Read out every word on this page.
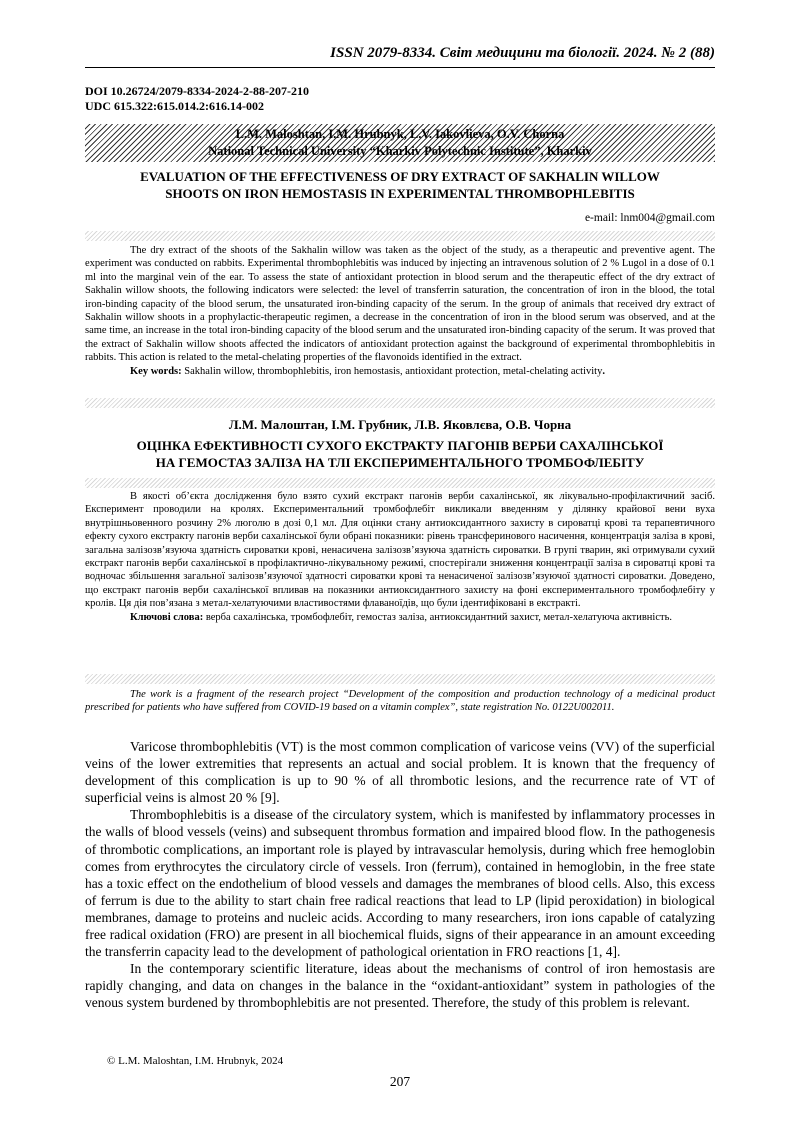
ISSN 2079-8334. Світ медицини та біології. 2024. № 2 (88)
DOI 10.26724/2079-8334-2024-2-88-207-210
UDC 615.322:615.014.2:616.14-002
L.M. Maloshtan, I.M. Hrubnyk, L.V. Iakovlieva, O.V. Chorna
National Technical University “Kharkiv Polytechnic Institute”, Kharkiv
EVALUATION OF THE EFFECTIVENESS OF DRY EXTRACT OF SAKHALIN WILLOW
SHOOTS ON IRON HEMOSTASIS IN EXPERIMENTAL THROMBOPHLEBITIS
e-mail: lnm004@gmail.com

The dry extract of the shoots of the Sakhalin willow was taken as the object of the study, as a therapeutic and preventive agent. The experiment was conducted on rabbits. Experimental thrombophlebitis was induced by injecting an intravenous solution of 2 % Lugol in a dose of 0.1 ml into the marginal vein of the ear. To assess the state of antioxidant protection in blood serum and the therapeutic effect of the dry extract of Sakhalin willow shoots, the following indicators were selected: the level of transferrin saturation, the concentration of iron in the blood, the total iron-binding capacity of the blood serum, the unsaturated iron-binding capacity of the serum. In the group of animals that received dry extract of Sakhalin willow shoots in a prophylactic-therapeutic regimen, a decrease in the concentration of iron in the blood serum was observed, and at the same time, an increase in the total iron-binding capacity of the blood serum and the unsaturated iron-binding capacity of the serum. It was proved that the extract of Sakhalin willow shoots affected the indicators of antioxidant protection against the background of experimental thrombophlebitis in rabbits. This action is related to the metal-chelating properties of the flavonoids identified in the extract.

Key words: Sakhalin willow, thrombophlebitis, iron hemostasis, antioxidant protection, metal-chelating activity.

Л.М. Малоштан, І.М. Грубник, Л.В. Яковлєва, О.В. Чорна
ОЦІНКА ЕФЕКТИВНОСТІ СУХОГО ЕКСТРАКТУ ПАГОНІВ ВЕРБИ САХАЛІНСЬКОЇ
НА ГЕМОСТАЗ ЗАЛІЗА НА ТЛІ ЕКСПЕРИМЕНТАЛЬНОГО ТРОМБОФЛЕБІТУ

В якості об’єкта дослідження було взято сухий екстракт пагонів верби сахалінської, як лікувально-профілактичний засіб. Експеримент проводили на кролях. Експериментальний тромбофлебіт викликали введенням у ділянку крайової вени вуха внутрішньовенного розчину 2% люголю в дозі 0,1 мл. Для оцінки стану антиоксидантного захисту в сироватці крові та терапевтичного ефекту сухого екстракту пагонів верби сахалінської були обрані показники: рівень трансферинового насичення, концентрація заліза в крові, загальна залізозв’язуюча здатність сироватки крові, ненасичена залізозв’язуюча здатність сироватки. В групі тварин, які отримували сухий екстракт пагонів верби сахалінської в профілактично-лікувальному режимі, спостерігали зниження концентрації заліза в сироватці крові та водночас збільшення загальної залізозв’язуючої здатності сироватки крові та ненасиченої залізозв’язуючої здатності сироватки. Доведено, що екстракт пагонів верби сахалінської впливав на показники антиоксидантного захисту на фоні експериментального тромбофлебіту у кролів. Ця дія пов’язана з метал-хелатуючими властивостями флаваноїдів, що були ідентифіковані в екстракті.

Ключові слова: верба сахалінська, тромбофлебіт, гемостаз заліза, антиоксидантний захист, метал-хелатуюча активність.

The work is a fragment of the research project “Development of the composition and production technology of a medicinal product prescribed for patients who have suffered from COVID-19 based on a vitamin complex”, state registration No. 0122U002011.

Varicose thrombophlebitis (VT) is the most common complication of varicose veins (VV) of the superficial veins of the lower extremities that represents an actual and social problem. It is known that the frequency of development of this complication is up to 90 % of all thrombotic lesions, and the recurrence rate of VT of superficial veins is almost 20 % [9].

Thrombophlebitis is a disease of the circulatory system, which is manifested by inflammatory processes in the walls of blood vessels (veins) and subsequent thrombus formation and impaired blood flow. In the pathogenesis of thrombotic complications, an important role is played by intravascular hemolysis, during which free hemoglobin comes from erythrocytes the circulatory circle of vessels. Iron (ferrum), contained in hemoglobin, in the free state has a toxic effect on the endothelium of blood vessels and damages the membranes of blood cells. Also, this excess of ferrum is due to the ability to start chain free radical reactions that lead to LP (lipid peroxidation) in biological membranes, damage to proteins and nucleic acids. According to many researchers, iron ions capable of catalyzing free radical oxidation (FRO) are present in all biochemical fluids, signs of their appearance in an amount exceeding the transferrin capacity lead to the development of pathological orientation in FRO reactions [1, 4].

In the contemporary scientific literature, ideas about the mechanisms of control of iron hemostasis are rapidly changing, and data on changes in the balance in the “oxidant-antioxidant” system in pathologies of the venous system burdened by thrombophlebitis are not presented. Therefore, the study of this problem is relevant.

© L.M. Maloshtan, I.M. Hrubnyk, 2024
207
